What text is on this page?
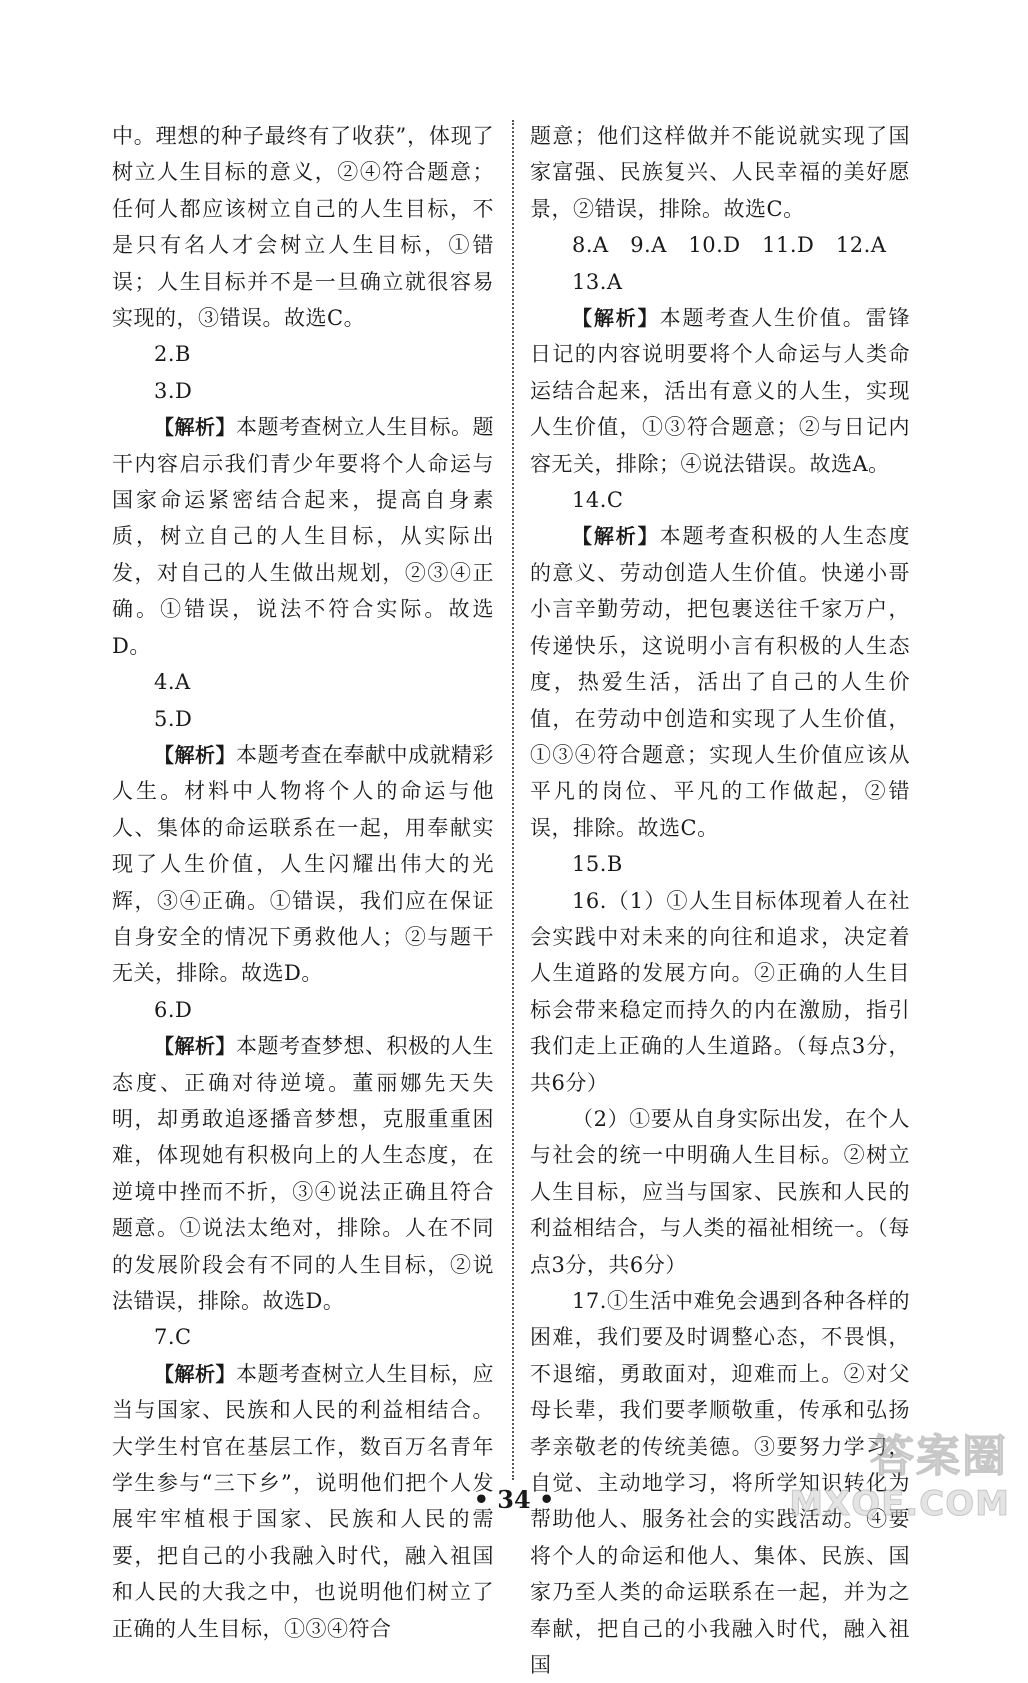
中。理想的种子最终有了收获”，体现了树立人生目标的意义，②④符合题意；任何人都应该树立自己的人生目标，不是只有名人才会树立人生目标，①错误；人生目标并不是一旦确立就很容易实现的，③错误。故选C。

2.B

3.D

【解析】本题考查树立人生目标。题干内容启示我们青少年要将个人命运与国家命运紧密结合起来，提高自身素质，树立自己的人生目标，从实际出发，对自己的人生做出规划，②③④正确。①错误，说法不符合实际。故选D。

4.A

5.D

【解析】本题考查在奉献中成就精彩人生。材料中人物将个人的命运与他人、集体的命运联系在一起，用奉献实现了人生价值，人生闪耀出伟大的光辉，③④正确。①错误，我们应在保证自身安全的情况下勇救他人；②与题干无关，排除。故选D。

6.D

【解析】本题考查梦想、积极的人生态度、正确对待逆境。董丽娜先天失明，却勇敢追逐播音梦想，克服重重困难，体现她有积极向上的人生态度，在逆境中挫而不折，③④说法正确且符合题意。①说法太绝对，排除。人在不同的发展阶段会有不同的人生目标，②说法错误，排除。故选D。

7.C

【解析】本题考查树立人生目标，应当与国家、民族和人民的利益相结合。大学生村官在基层工作，数百万名青年学生参与“三下乡”，说明他们把个人发展牢牢植根于国家、民族和人民的需要，把自己的小我融入时代，融入祖国和人民的大我之中，也说明他们树立了正确的人生目标，①③④符合

题意；他们这样做并不能说就实现了国家富强、民族复兴、人民幸福的美好愿景，②错误，排除。故选C。

8.A　9.A　10.D　11.D　12.A

13.A

【解析】本题考查人生价值。雷锋日记的内容说明要将个人命运与人类命运结合起来，活出有意义的人生，实现人生价值，①③符合题意；②与日记内容无关，排除；④说法错误。故选A。

14.C

【解析】本题考查积极的人生态度的意义、劳动创造人生价值。快递小哥小言辛勤劳动，把包裹送往千家万户，传递快乐，这说明小言有积极的人生态度，热爱生活，活出了自己的人生价值，在劳动中创造和实现了人生价值，①③④符合题意；实现人生价值应该从平凡的岗位、平凡的工作做起，②错误，排除。故选C。

15.B

16.（1）①人生目标体现着人在社会实践中对未来的向往和追求，决定着人生道路的发展方向。②正确的人生目标会带来稳定而持久的内在激励，指引我们走上正确的人生道路。（每点3分，共6分）

（2）①要从自身实际出发，在个人与社会的统一中明确人生目标。②树立人生目标，应当与国家、民族和人民的利益相结合，与人类的福祉相统一。（每点3分，共6分）

17.①生活中难免会遇到各种各样的困难，我们要及时调整心态，不畏惧，不退缩，勇敢面对，迎难而上。②对父母长辈，我们要孝顺敬重，传承和弘扬孝亲敬老的传统美德。③要努力学习，自觉、主动地学习，将所学知识转化为帮助他人、服务社会的实践活动。④要将个人的命运和他人、集体、民族、国家乃至人类的命运联系在一起，并为之奉献，把自己的小我融入时代，融入祖国

• 34 •
答案圈
MXQE.COM
